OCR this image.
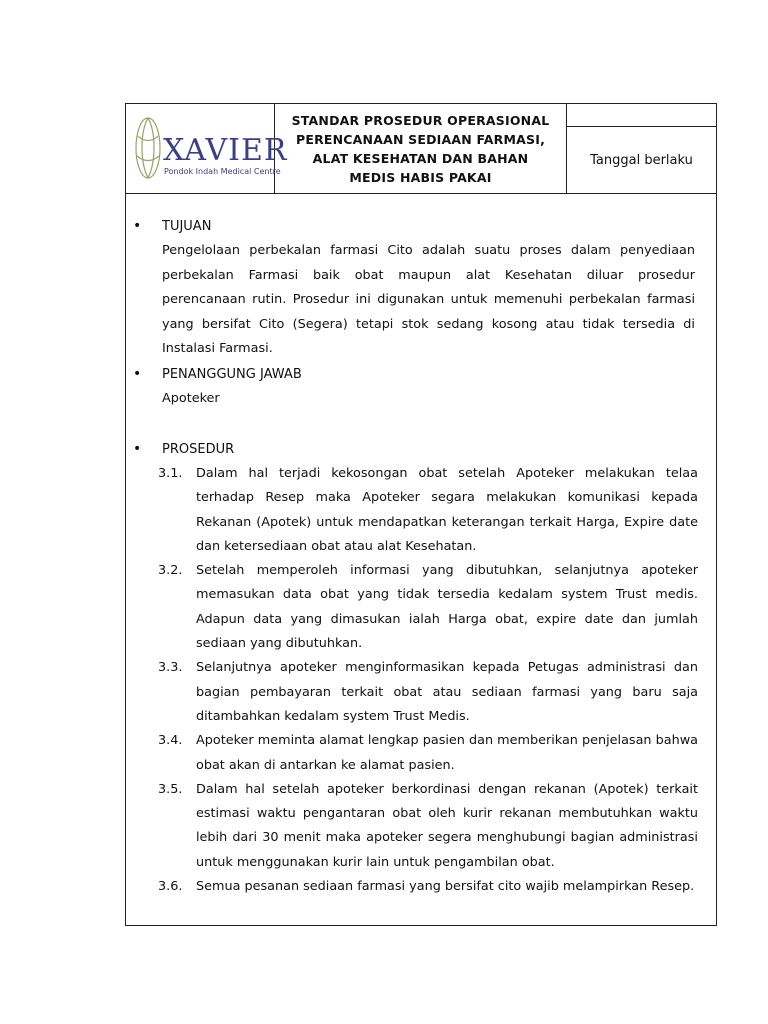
XAVIER
Pondok Indah Medical Centre
STANDAR PROSEDUR OPERASIONAL
PERENCANAAN SEDIAAN FARMASI,
ALAT KESEHATAN DAN BAHAN
MEDIS HABIS PAKAI
Tanggal berlaku
• TUJUAN
Pengelolaan perbekalan farmasi Cito adalah suatu proses dalam penyediaan perbekalan Farmasi baik obat maupun alat Kesehatan diluar prosedur perencanaan rutin. Prosedur ini digunakan untuk memenuhi perbekalan farmasi yang bersifat Cito (Segera) tetapi stok sedang kosong atau tidak tersedia di Instalasi Farmasi.
• PENANGGUNG JAWAB
Apoteker
• PROSEDUR
3.1.	Dalam hal terjadi kekosongan obat setelah Apoteker melakukan telaa terhadap Resep maka Apoteker segara melakukan komunikasi kepada Rekanan (Apotek) untuk mendapatkan keterangan terkait Harga, Expire date dan ketersediaan obat atau alat Kesehatan.
3.2.	Setelah memperoleh informasi yang dibutuhkan, selanjutnya apoteker memasukan data obat yang tidak tersedia kedalam system Trust medis. Adapun data yang dimasukan ialah Harga obat, expire date dan jumlah sediaan yang dibutuhkan.
3.3.	Selanjutnya apoteker menginformasikan kepada Petugas administrasi dan bagian pembayaran terkait obat atau sediaan farmasi yang baru saja ditambahkan kedalam system Trust Medis.
3.4.	Apoteker meminta alamat lengkap pasien dan memberikan penjelasan bahwa obat akan di antarkan ke alamat pasien.
3.5.	Dalam hal setelah apoteker berkordinasi dengan rekanan (Apotek) terkait estimasi waktu pengantaran obat oleh kurir rekanan membutuhkan waktu lebih dari 30 menit maka apoteker segera menghubungi bagian administrasi untuk menggunakan kurir lain untuk pengambilan obat.
3.6.	Semua pesanan sediaan farmasi yang bersifat cito wajib melampirkan Resep.
